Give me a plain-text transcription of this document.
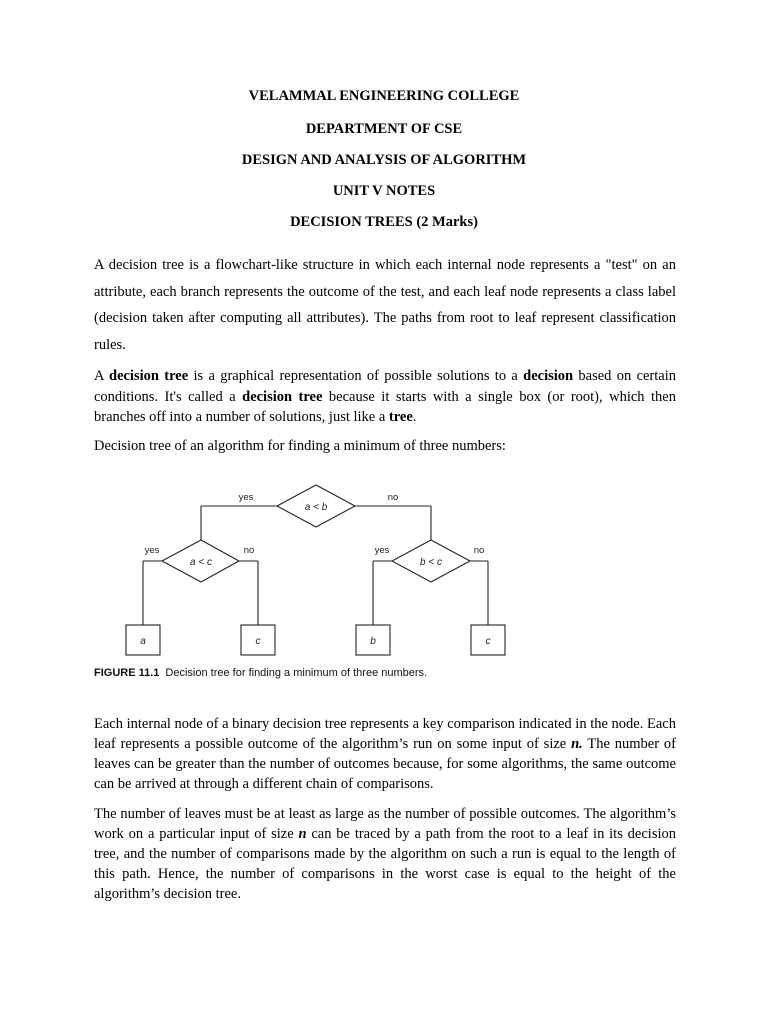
VELAMMAL ENGINEERING COLLEGE
DEPARTMENT OF CSE
DESIGN AND ANALYSIS OF ALGORITHM
UNIT V NOTES
DECISION TREES (2 Marks)

A decision tree is a flowchart-like structure in which each internal node represents a "test" on an attribute, each branch represents the outcome of the test, and each leaf node represents a class label (decision taken after computing all attributes). The paths from root to leaf represent classification rules.

A decision tree is a graphical representation of possible solutions to a decision based on certain conditions. It's called a decision tree because it starts with a single box (or root), which then branches off into a number of solutions, just like a tree.

Decision tree of an algorithm for finding a minimum of three numbers:

a < b
a < c	b < c
a	c	b	c
yes	no
yes	no	yes	no
FIGURE 11.1 Decision tree for finding a minimum of three numbers.

Each internal node of a binary decision tree represents a key comparison indicated in the node. Each leaf represents a possible outcome of the algorithm’s run on some input of size n. The number of leaves can be greater than the number of outcomes because, for some algorithms, the same outcome can be arrived at through a different chain of comparisons.

The number of leaves must be at least as large as the number of possible outcomes. The algorithm’s work on a particular input of size n can be traced by a path from the root to a leaf in its decision tree, and the number of comparisons made by the algorithm on such a run is equal to the length of this path. Hence, the number of comparisons in the worst case is equal to the height of the algorithm’s decision tree.
